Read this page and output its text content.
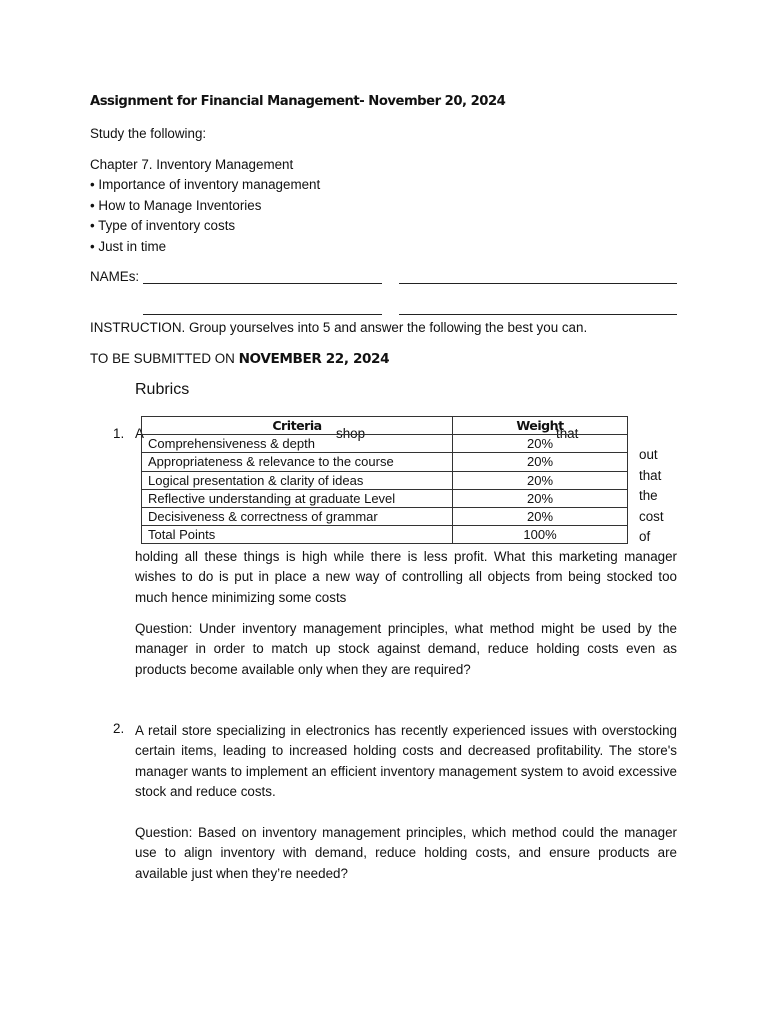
Assignment for Financial Management- November 20, 2024
Study the following:
Chapter 7. Inventory Management
• Importance of inventory management
• How to Manage Inventories
• Type of inventory costs
• Just in time
NAMEs:
INSTRUCTION. Group yourselves into 5 and answer the following the best you can.
TO BE SUBMITTED ON NOVEMBER 22, 2024
Rubrics
1. A	shop	that
Criteria	Weight
Comprehensiveness & depth	20%
Appropriateness & relevance to the course	20%
Logical presentation & clarity of ideas	20%
Reflective understanding at graduate Level	20%
Decisiveness & correctness of grammar	20%
Total Points	100%
out
that
the
cost
of
holding all these things is high while there is less profit. What this marketing manager wishes to do is put in place a new way of controlling all objects from being stocked too much hence minimizing some costs
Question: Under inventory management principles, what method might be used by the manager in order to match up stock against demand, reduce holding costs even as products become available only when they are required?
2. A retail store specializing in electronics has recently experienced issues with overstocking certain items, leading to increased holding costs and decreased profitability. The store's manager wants to implement an efficient inventory management system to avoid excessive stock and reduce costs.
Question: Based on inventory management principles, which method could the manager use to align inventory with demand, reduce holding costs, and ensure products are available just when they’re needed?
